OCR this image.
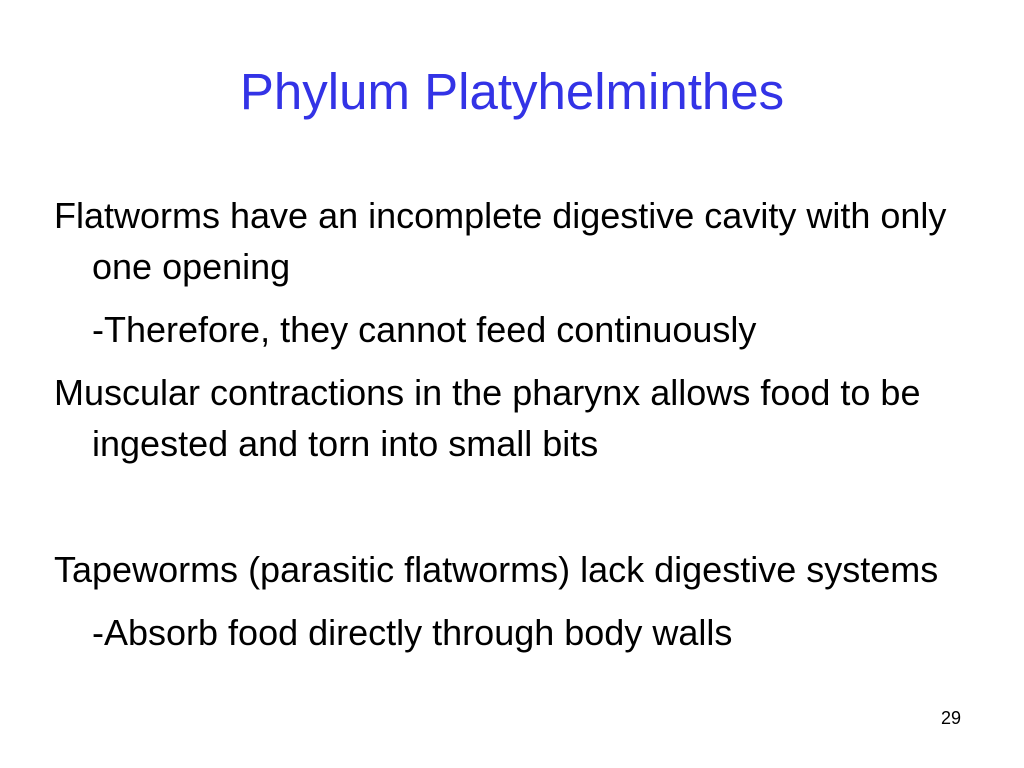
Phylum Platyhelminthes

Flatworms have an incomplete digestive cavity with only one opening

-Therefore, they cannot feed continuously

Muscular contractions in the pharynx allows food to be ingested and torn into small bits

Tapeworms (parasitic flatworms) lack digestive systems

-Absorb food directly through body walls

29
